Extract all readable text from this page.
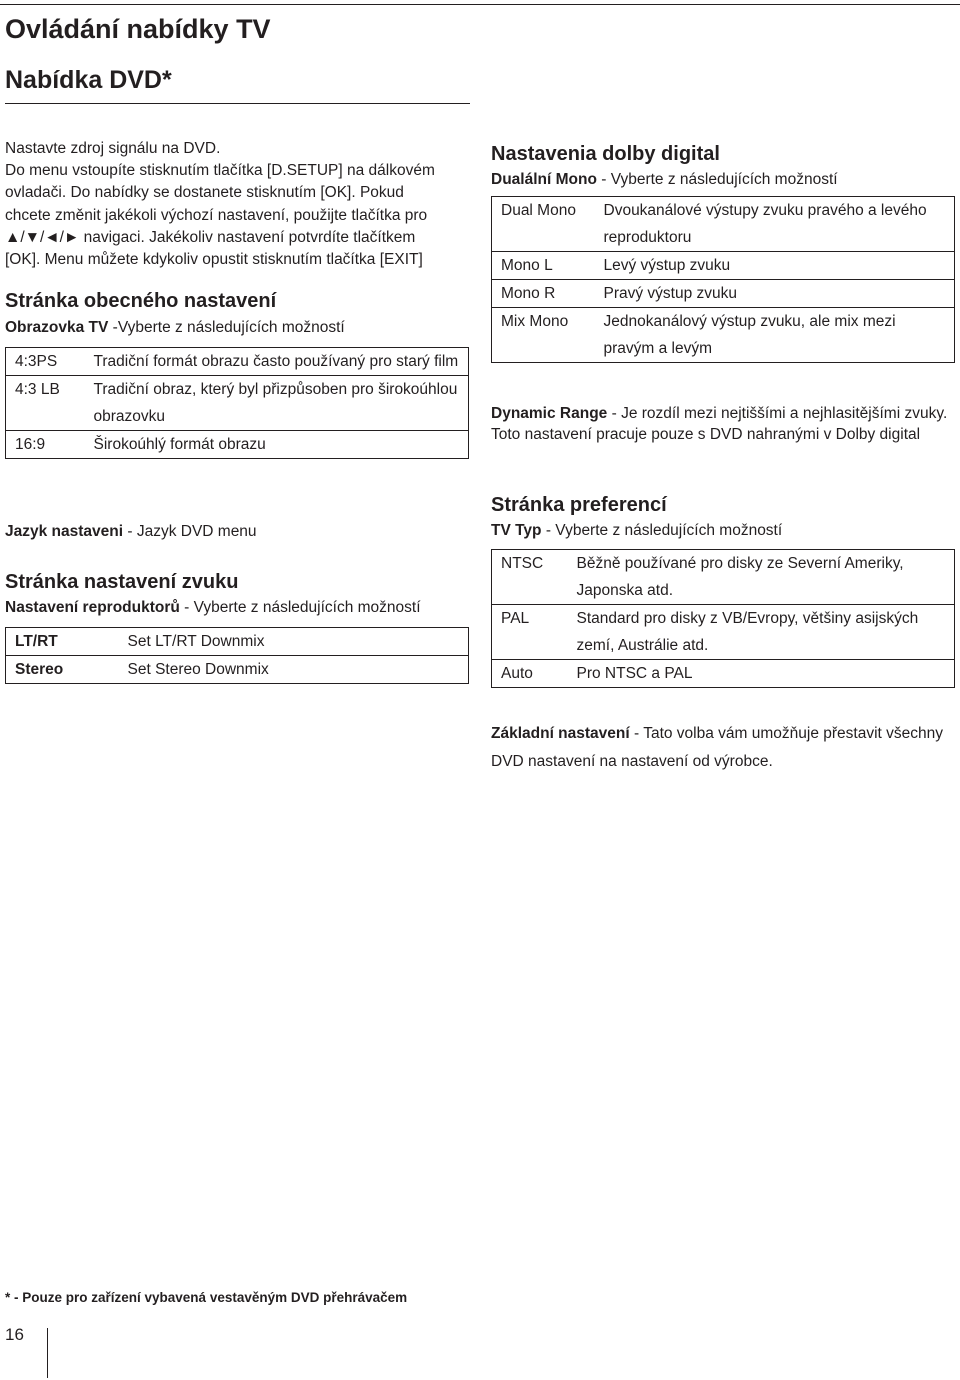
Ovládání nabídky TV
Nabídka DVD*

Nastavte zdroj signálu na DVD.

Do menu vstoupíte stisknutím tlačítka [D.SETUP] na dálkovém

ovladači. Do nabídky se dostanete stisknutím [OK]. Pokud

chcete změnit jakékoli výchozí nastavení, použijte tlačítka pro

▲/▼/◄/► navigaci. Jakékoliv nastavení potvrdíte tlačítkem

[OK]. Menu můžete kdykoliv opustit stisknutím tlačítka [EXIT]

Stránka obecného nastavení

Obrazovka TV -Vyberte z následujících možností

4:3PS	Tradiční formát obrazu často používaný pro starý film
4:3 LB	Tradiční obraz, který byl přizpůsoben pro širokoúhlou obrazovku
16:9	Širokoúhlý formát obrazu

Jazyk nastaveni - Jazyk DVD menu

Stránka nastavení zvuku

Nastavení reproduktorů - Vyberte z následujících možností

LT/RT	Set LT/RT Downmix
Stereo	Set Stereo Downmix
Nastavenia dolby digital

Dualální Mono - Vyberte z následujících možností

Dual Mono	Dvoukanálové výstupy zvuku pravého a levého reproduktoru
Mono L	Levý výstup zvuku
Mono R	Pravý výstup zvuku
Mix Mono	Jednokanálový výstup zvuku, ale mix mezi pravým a levým

Dynamic Range - Je rozdíl mezi nejtiššími a nejhlasitějšími zvuky. Toto nastavení pracuje pouze s DVD nahranými v Dolby digital

Stránka preferencí

TV Typ - Vyberte z následujících možností

NTSC	Běžně používané pro disky ze Severní Ameriky, Japonska atd.
PAL	Standard pro disky z VB/Evropy, většiny asijských zemí, Austrálie atd.
Auto	Pro NTSC a PAL

Základní nastavení - Tato volba vám umožňuje přestavit všechny DVD nastavení na nastavení od výrobce.

* - Pouze pro zařízení vybavená vestavěným DVD přehrávačem

16
